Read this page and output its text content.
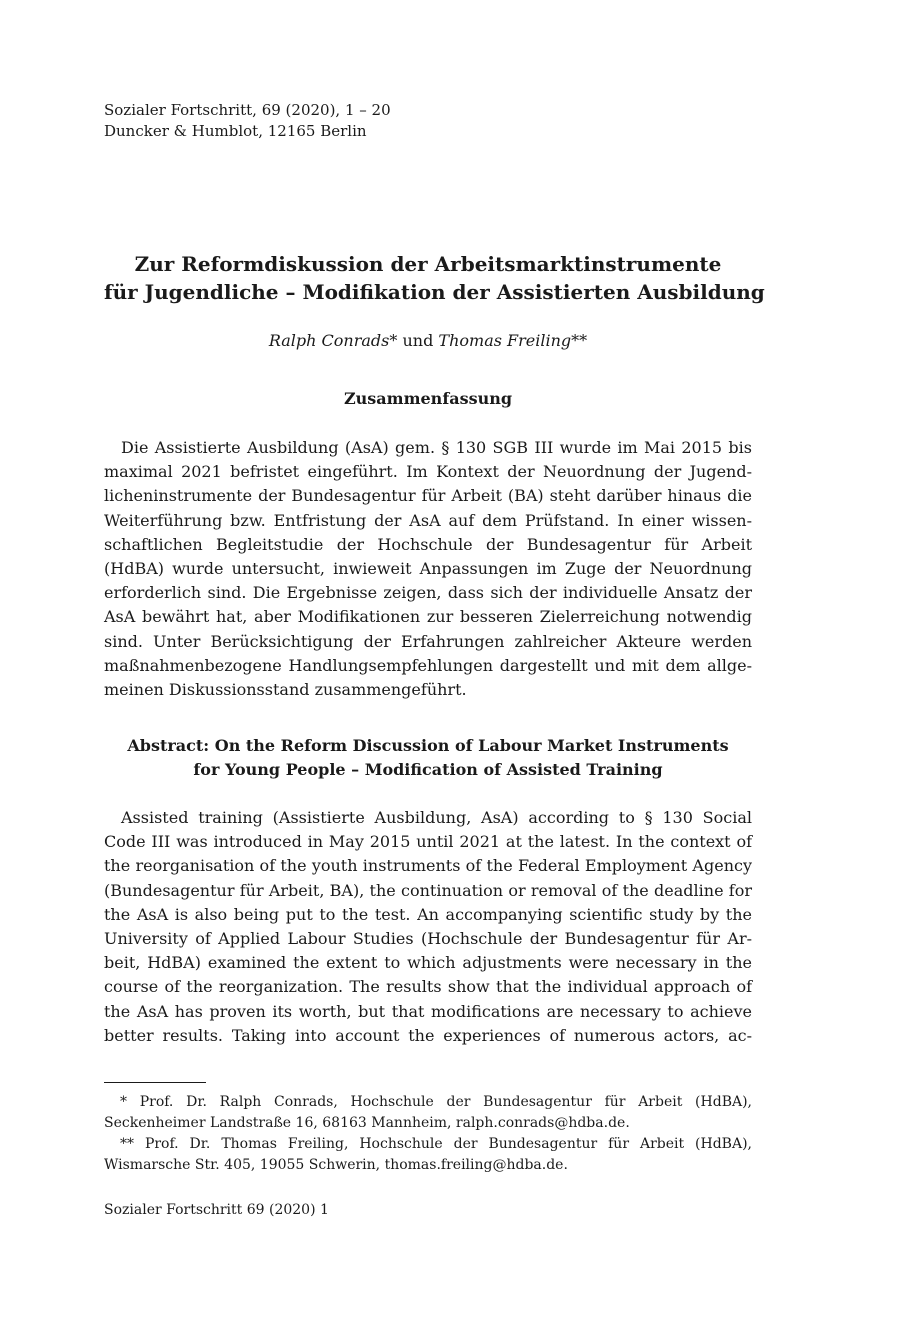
Sozialer Fortschritt, 69 (2020), 1 – 20
Duncker & Humblot, 12165 Berlin
Zur Reformdiskussion der Arbeitsmarktinstrumente
für Jugendliche – Modifikation der Assistierten Ausbildung
Ralph Conrads* und Thomas Freiling**
Zusammenfassung
Die Assistierte Ausbildung (AsA) gem. § 130 SGB III wurde im Mai 2015 bis
maximal 2021 befristet eingeführt. Im Kontext der Neuordnung der Jugend-
licheninstrumente der Bundesagentur für Arbeit (BA) steht darüber hinaus die
Weiterführung bzw. Entfristung der AsA auf dem Prüfstand. In einer wissen-
schaftlichen Begleitstudie der Hochschule der Bundesagentur für Arbeit
(HdBA) wurde untersucht, inwieweit Anpassungen im Zuge der Neuordnung
erforderlich sind. Die Ergebnisse zeigen, dass sich der individuelle Ansatz der
AsA bewährt hat, aber Modifikationen zur besseren Zielerreichung notwendig
sind. Unter Berücksichtigung der Erfahrungen zahlreicher Akteure werden
maßnahmenbezogene Handlungsempfehlungen dargestellt und mit dem allge-
meinen Diskussionsstand zusammengeführt.
Abstract: On the Reform Discussion of Labour Market Instruments
for Young People – Modification of Assisted Training
Assisted training (Assistierte Ausbildung, AsA) according to § 130 Social
Code III was introduced in May 2015 until 2021 at the latest. In the context of
the reorganisation of the youth instruments of the Federal Employment Agency
(Bundesagentur für Arbeit, BA), the continuation or removal of the deadline for
the AsA is also being put to the test. An accompanying scientific study by the
University of Applied Labour Studies (Hochschule der Bundesagentur für Ar-
beit, HdBA) examined the extent to which adjustments were necessary in the
course of the reorganization. The results show that the individual approach of
the AsA has proven its worth, but that modifications are necessary to achieve
better results. Taking into account the experiences of numerous actors, ac-
* Prof. Dr. Ralph Conrads, Hochschule der Bundesagentur für Arbeit (HdBA),
Seckenheimer Landstraße 16, 68163 Mannheim, ralph.conrads@hdba.de.
** Prof. Dr. Thomas Freiling, Hochschule der Bundesagentur für Arbeit (HdBA),
Wismarsche Str. 405, 19055 Schwerin, thomas.freiling@hdba.de.
Sozialer Fortschritt 69 (2020) 1
